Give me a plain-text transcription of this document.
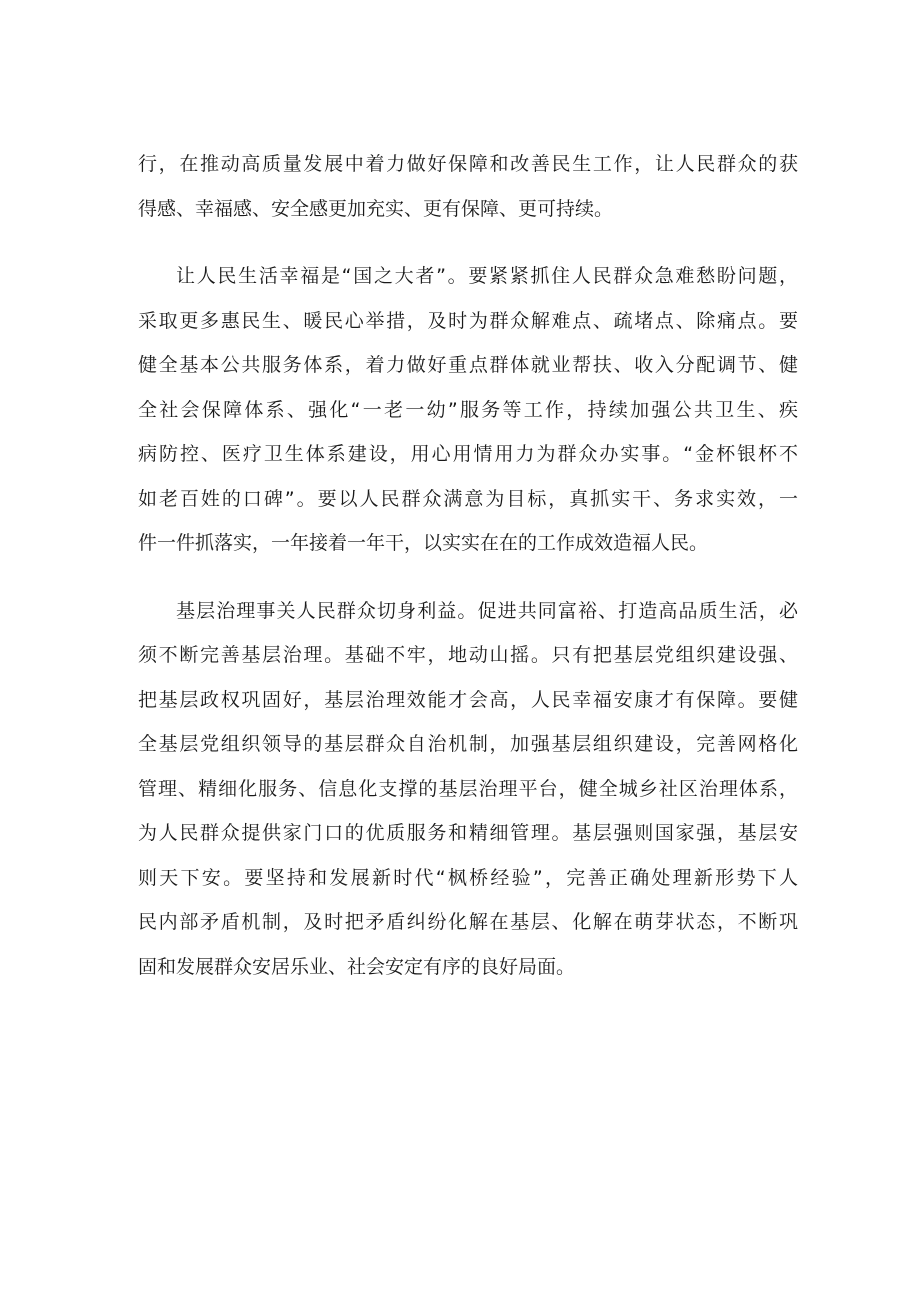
行，在推动高质量发展中着力做好保障和改善民生工作，让人民群众的获
得感、幸福感、安全感更加充实、更有保障、更可持续。
让人民生活幸福是“国之大者”。要紧紧抓住人民群众急难愁盼问题，
采取更多惠民生、暖民心举措，及时为群众解难点、疏堵点、除痛点。要
健全基本公共服务体系，着力做好重点群体就业帮扶、收入分配调节、健
全社会保障体系、强化“一老一幼”服务等工作，持续加强公共卫生、疾
病防控、医疗卫生体系建设，用心用情用力为群众办实事。“金杯银杯不
如老百姓的口碑”。要以人民群众满意为目标，真抓实干、务求实效，一
件一件抓落实，一年接着一年干，以实实在在的工作成效造福人民。
基层治理事关人民群众切身利益。促进共同富裕、打造高品质生活，必
须不断完善基层治理。基础不牢，地动山摇。只有把基层党组织建设强、
把基层政权巩固好，基层治理效能才会高，人民幸福安康才有保障。要健
全基层党组织领导的基层群众自治机制，加强基层组织建设，完善网格化
管理、精细化服务、信息化支撑的基层治理平台，健全城乡社区治理体系，
为人民群众提供家门口的优质服务和精细管理。基层强则国家强，基层安
则天下安。要坚持和发展新时代“枫桥经验”，完善正确处理新形势下人
民内部矛盾机制，及时把矛盾纠纷化解在基层、化解在萌芽状态，不断巩
固和发展群众安居乐业、社会安定有序的良好局面。
